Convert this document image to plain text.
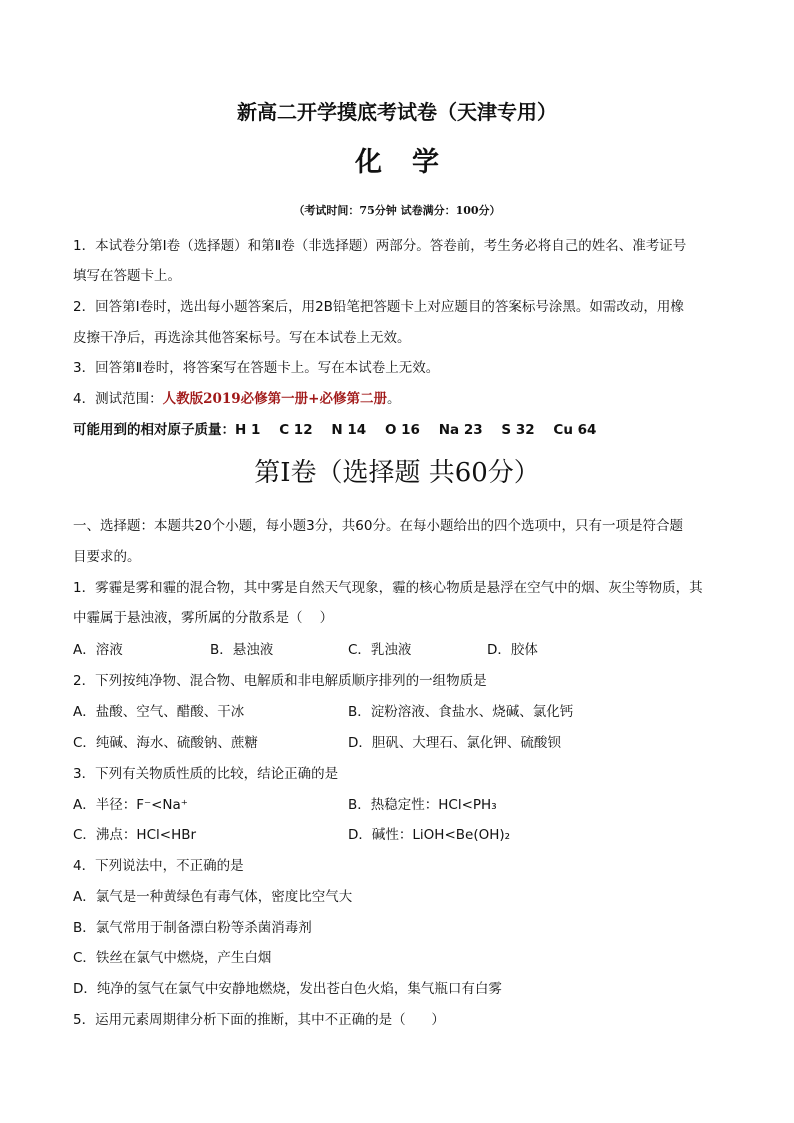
新高二开学摸底考试卷（天津专用）
化学
（考试时间：75分钟 试卷满分：100分）
1．本试卷分第Ⅰ卷（选择题）和第Ⅱ卷（非选择题）两部分。答卷前，考生务必将自己的姓名、准考证号
填写在答题卡上。
2．回答第Ⅰ卷时，选出每小题答案后，用2B铅笔把答题卡上对应题目的答案标号涂黑。如需改动，用橡
皮擦干净后，再选涂其他答案标号。写在本试卷上无效。
3．回答第Ⅱ卷时，将答案写在答题卡上。写在本试卷上无效。
4．测试范围：人教版2019必修第一册+必修第二册。
可能用到的相对原子质量：H 1    C 12    N 14    O 16    Na 23    S 32    Cu 64
第Ⅰ卷（选择题 共60分）
一、选择题：本题共20个小题，每小题3分，共60分。在每小题给出的四个选项中，只有一项是符合题
目要求的。
1．雾霾是雾和霾的混合物，其中雾是自然天气现象，霾的核心物质是悬浮在空气中的烟、灰尘等物质，其
中霾属于悬浊液，雾所属的分散系是（    ）
A．溶液	B．悬浊液	C．乳浊液	D．胶体
2．下列按纯净物、混合物、电解质和非电解质顺序排列的一组物质是
A．盐酸、空气、醋酸、干冰	B．淀粉溶液、食盐水、烧碱、氯化钙
C．纯碱、海水、硫酸钠、蔗糖	D．胆矾、大理石、氯化钾、硫酸钡
3．下列有关物质性质的比较，结论正确的是
A．半径：F⁻<Na⁺	B．热稳定性：HCl<PH₃
C．沸点：HCl<HBr	D．碱性：LiOH<Be(OH)₂
4．下列说法中，不正确的是
A．氯气是一种黄绿色有毒气体，密度比空气大
B．氯气常用于制备漂白粉等杀菌消毒剂
C．铁丝在氯气中燃烧，产生白烟
D．纯净的氢气在氯气中安静地燃烧，发出苍白色火焰，集气瓶口有白雾
5．运用元素周期律分析下面的推断，其中不正确的是（      ）
